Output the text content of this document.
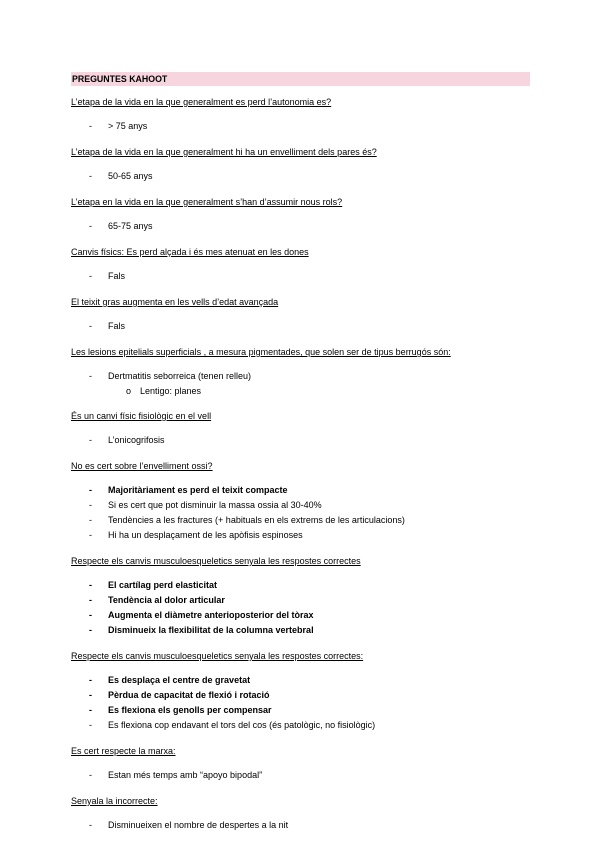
PREGUNTES KAHOOT
L’etapa de la vida en la que generalment es perd l’autonomia es?
- > 75 anys
L’etapa de la vida en la que generalment hi ha un envelliment dels pares és?
- 50-65 anys
L’etapa en la vida en la que generalment s’han d’assumir nous rols?
- 65-75 anys
Canvis físics: Es perd alçada i és mes atenuat en les dones
- Fals
El teixit gras augmenta en les vells d’edat avançada
- Fals
Les lesions epitelials superficials , a mesura pigmentades, que solen ser de tipus berrugós són:
- Dertmatitis seborreica (tenen relleu)
o Lentigo: planes
És un canvi físic fisiològic en el vell
- L’onicogrifosis
No es cert sobre l’envelliment ossi?
- Majoritàriament es perd el teixit compacte
- Si es cert que pot disminuir la massa ossia al 30-40%
- Tendències a les fractures (+ habituals en els extrems de les articulacions)
- Hi ha un desplaçament de les apòfisis espinoses
Respecte els canvis musculoesqueletics senyala les respostes correctes
- El cartílag perd elasticitat
- Tendència al dolor articular
- Augmenta el diàmetre anterioposterior del tòrax
- Disminueix la flexibilitat de la columna vertebral
Respecte els canvis musculoesqueletics senyala les respostes correctes:
- Es desplaça el centre de gravetat
- Pèrdua de capacitat de flexió i rotació
- Es flexiona els genolls per compensar
- Es flexiona cop endavant el tors del cos (és patològic, no fisiològic)
Es cert respecte la marxa:
- Estan més temps amb “apoyo bipodal”
Senyala la incorrecte:
- Disminueixen el nombre de despertes a la nit
